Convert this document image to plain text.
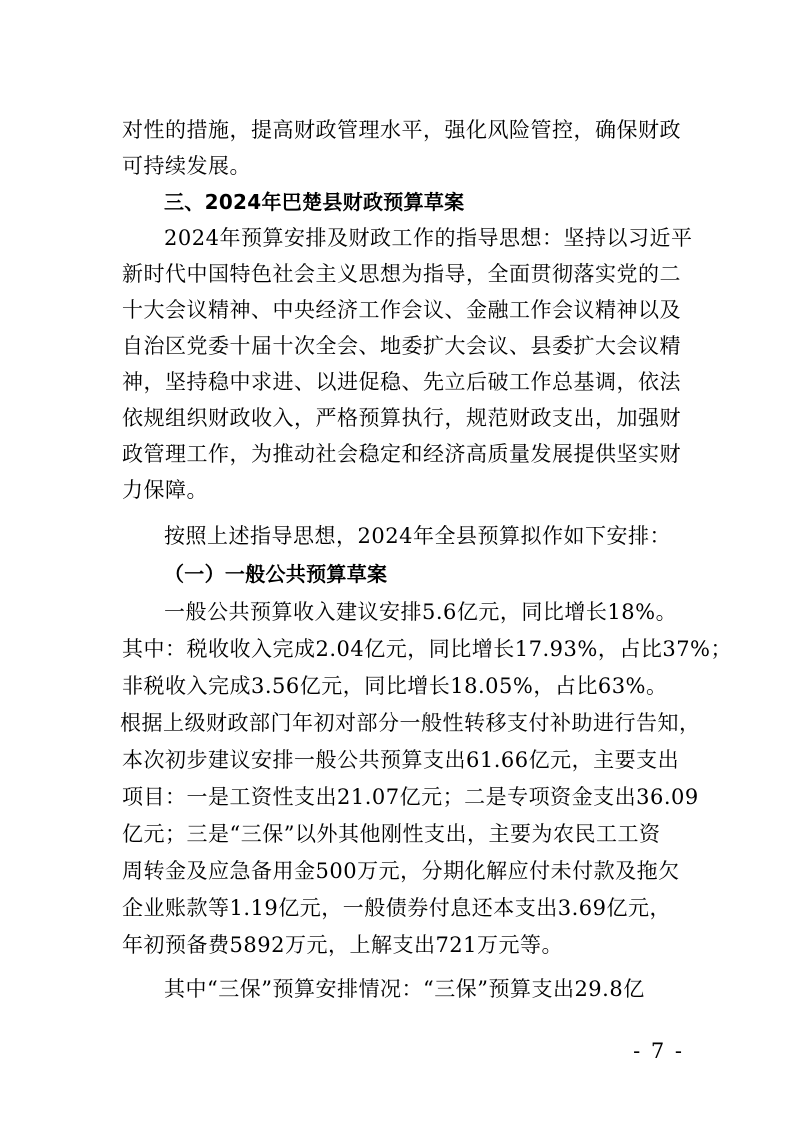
对性的措施，提高财政管理水平，强化风险管控，确保财政
可持续发展。
三、2024年巴楚县财政预算草案
2024年预算安排及财政工作的指导思想：坚持以习近平
新时代中国特色社会主义思想为指导，全面贯彻落实党的二
十大会议精神、中央经济工作会议、金融工作会议精神以及
自治区党委十届十次全会、地委扩大会议、县委扩大会议精
神，坚持稳中求进、以进促稳、先立后破工作总基调，依法
依规组织财政收入，严格预算执行，规范财政支出，加强财
政管理工作，为推动社会稳定和经济高质量发展提供坚实财
力保障。
按照上述指导思想，2024年全县预算拟作如下安排：
（一）一般公共预算草案
一般公共预算收入建议安排5.6亿元，同比增长18%。
其中：税收收入完成2.04亿元，同比增长17.93%，占比37%；
非税收入完成3.56亿元，同比增长18.05%，占比63%。
根据上级财政部门年初对部分一般性转移支付补助进行告知，
本次初步建议安排一般公共预算支出61.66亿元，主要支出
项目：一是工资性支出21.07亿元；二是专项资金支出36.09
亿元；三是“三保”以外其他刚性支出，主要为农民工工资
周转金及应急备用金500万元，分期化解应付未付款及拖欠
企业账款等1.19亿元，一般债券付息还本支出3.69亿元，
年初预备费5892万元，上解支出721万元等。
其中“三保”预算安排情况：“三保”预算支出29.8亿
- 7 -
